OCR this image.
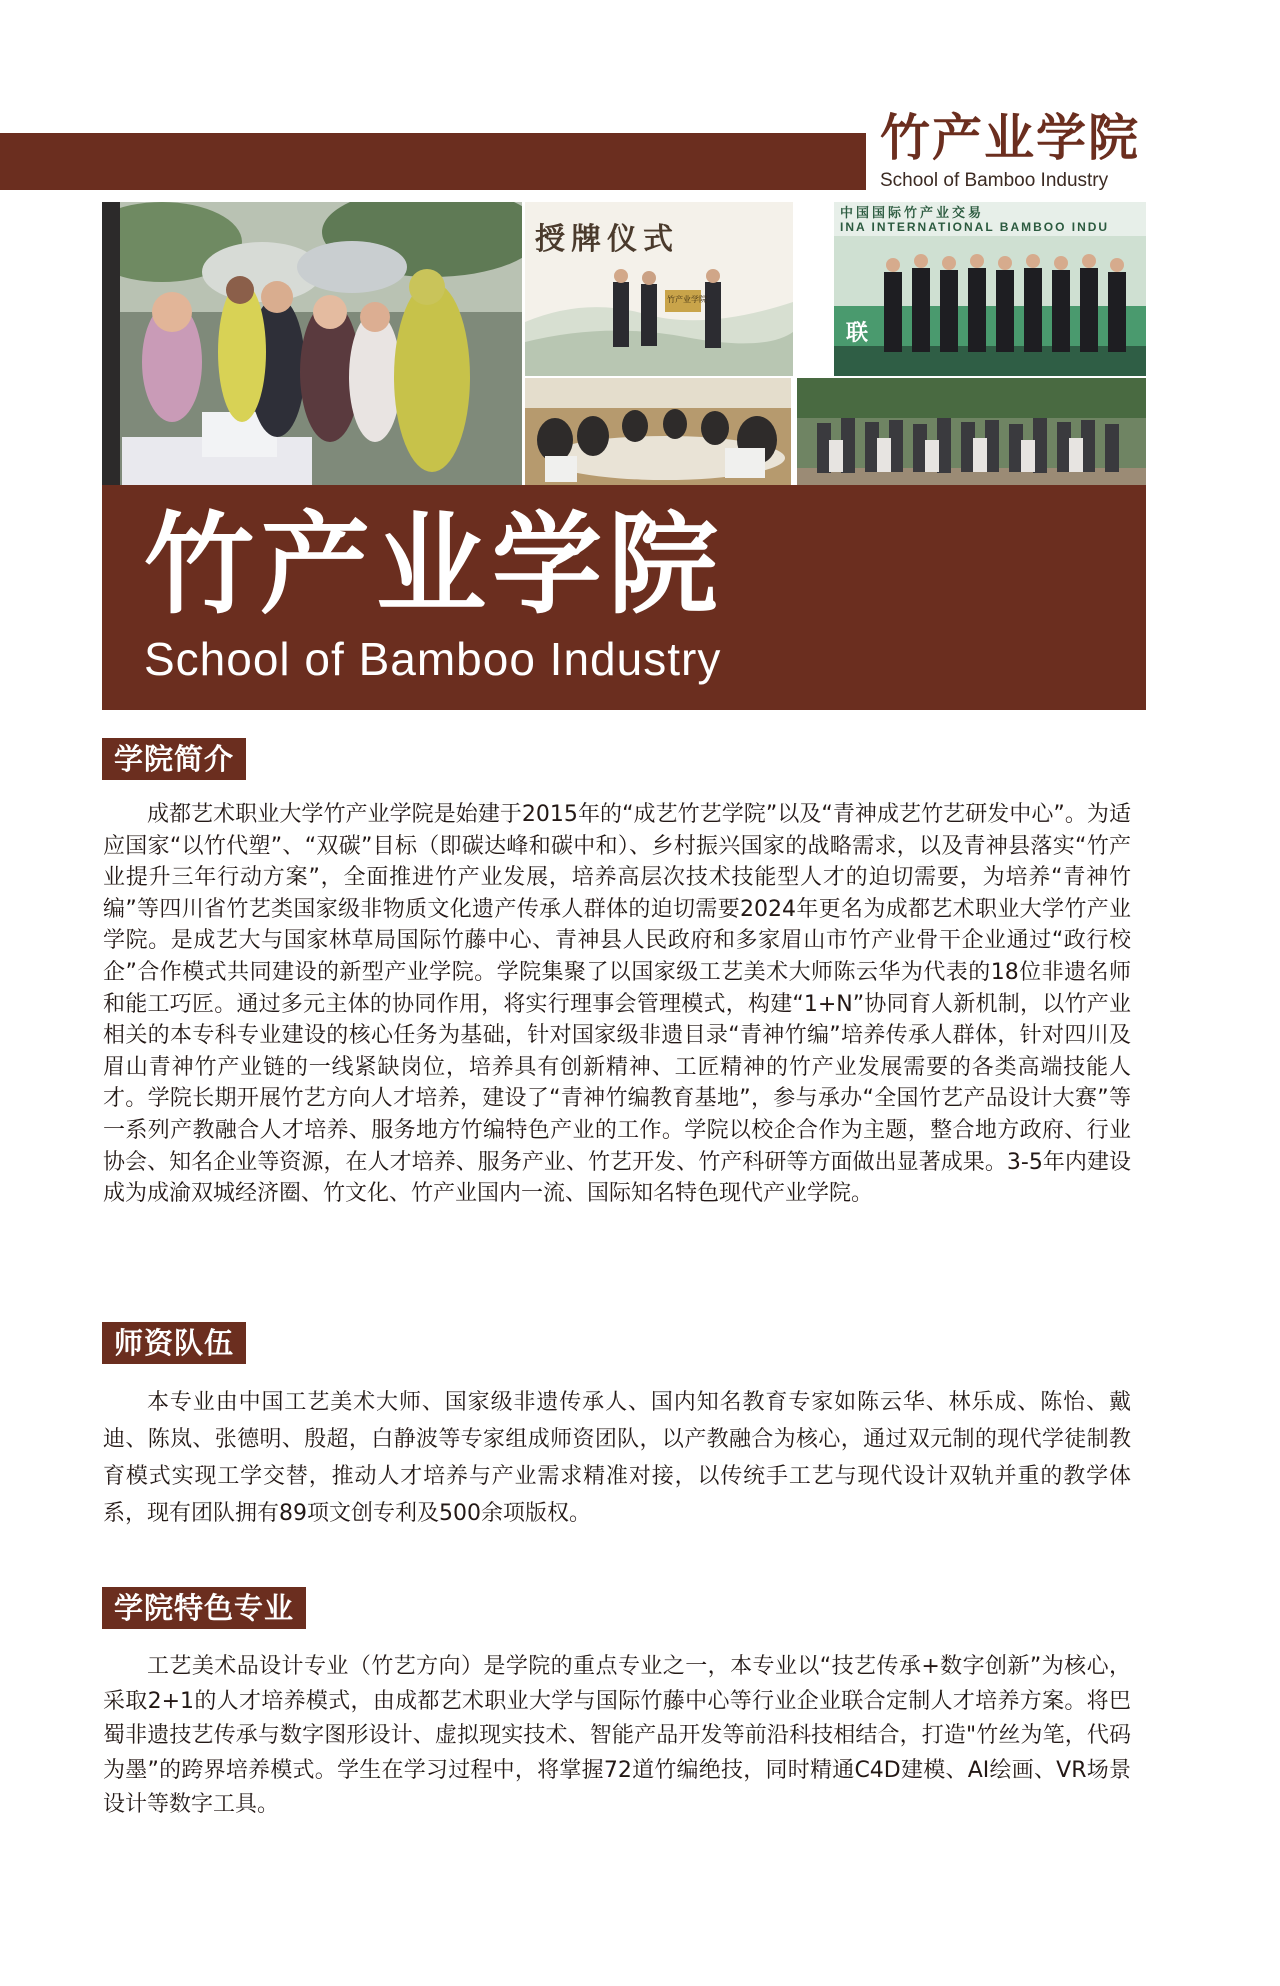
竹产业学院
School of Bamboo Industry
授牌仪式
竹产业学院
中国国际竹产业交易
INA INTERNATIONAL BAMBOO INDU
联
竹产业学院
School of Bamboo Industry
学院简介

成都艺术职业大学竹产业学院是始建于2015年的“成艺竹艺学院”以及“青神成艺竹艺研发中心”。为适应国家“以竹代塑”、“双碳”目标（即碳达峰和碳中和）、乡村振兴国家的战略需求，以及青神县落实“竹产业提升三年行动方案”，全面推进竹产业发展，培养高层次技术技能型人才的迫切需要，为培养“青神竹编”等四川省竹艺类国家级非物质文化遗产传承人群体的迫切需要2024年更名为成都艺术职业大学竹产业学院。是成艺大与国家林草局国际竹藤中心、青神县人民政府和多家眉山市竹产业骨干企业通过“政行校企”合作模式共同建设的新型产业学院。学院集聚了以国家级工艺美术大师陈云华为代表的18位非遗名师和能工巧匠。通过多元主体的协同作用，将实行理事会管理模式，构建“1+N”协同育人新机制，以竹产业相关的本专科专业建设的核心任务为基础，针对国家级非遗目录“青神竹编”培养传承人群体，针对四川及眉山青神竹产业链的一线紧缺岗位，培养具有创新精神、工匠精神的竹产业发展需要的各类高端技能人才。学院长期开展竹艺方向人才培养，建设了“青神竹编教育基地”，参与承办“全国竹艺产品设计大赛”等一系列产教融合人才培养、服务地方竹编特色产业的工作。学院以校企合作为主题，整合地方政府、行业协会、知名企业等资源，在人才培养、服务产业、竹艺开发、竹产科研等方面做出显著成果。3-5年内建设成为成渝双城经济圈、竹文化、竹产业国内一流、国际知名特色现代产业学院。

师资队伍

本专业由中国工艺美术大师、国家级非遗传承人、国内知名教育专家如陈云华、林乐成、陈怡、戴迪、陈岚、张德明、殷超，白静波等专家组成师资团队，以产教融合为核心，通过双元制的现代学徒制教育模式实现工学交替，推动人才培养与产业需求精准对接，以传统手工艺与现代设计双轨并重的教学体系，现有团队拥有89项文创专利及500余项版权。

学院特色专业

工艺美术品设计专业（竹艺方向）是学院的重点专业之一，本专业以“技艺传承+数字创新”为核心，采取2+1的人才培养模式，由成都艺术职业大学与国际竹藤中心等行业企业联合定制人才培养方案。将巴蜀非遗技艺传承与数字图形设计、虚拟现实技术、智能产品开发等前沿科技相结合，打造"竹丝为笔，代码为墨”的跨界培养模式。学生在学习过程中，将掌握72道竹编绝技，同时精通C4D建模、AI绘画、VR场景设计等数字工具。
